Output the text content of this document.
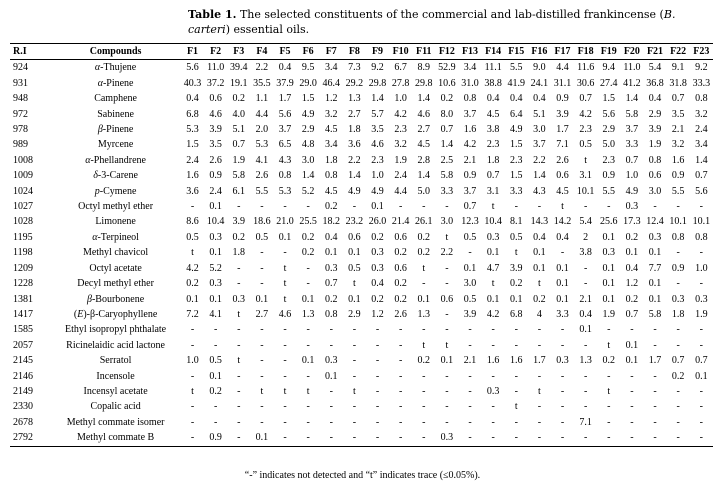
Table 1. The selected constituents of the commercial and lab-distilled frankincense (B. carteri) essential oils.
R.I	Compounds	F1	F2	F3	F4	F5	F6	F7	F8	F9	F10	F11	F12	F13	F14	F15	F16	F17	F18	F19	F20	F21	F22	F23
924	α-Thujene	5.6	11.0	39.4	2.2	0.4	9.5	3.4	7.3	9.2	6.7	8.9	52.9	3.4	11.1	5.5	9.0	4.4	11.6	9.4	11.0	5.4	9.1	9.2
931	α-Pinene	40.3	37.2	19.1	35.5	37.9	29.0	46.4	29.2	29.8	27.8	29.8	10.6	31.0	38.8	41.9	24.1	31.1	30.6	27.4	41.2	36.8	31.8	33.3
948	Camphene	0.4	0.6	0.2	1.1	1.7	1.5	1.2	1.3	1.4	1.0	1.4	0.2	0.8	0.4	0.4	0.4	0.9	0.7	1.5	1.4	0.4	0.7	0.8
972	Sabinene	6.8	4.6	4.0	4.4	5.6	4.9	3.2	2.7	5.7	4.2	4.6	8.0	3.7	4.5	6.4	5.1	3.9	4.2	5.6	5.8	2.9	3.5	3.2
978	β-Pinene	5.3	3.9	5.1	2.0	3.7	2.9	4.5	1.8	3.5	2.3	2.7	0.7	1.6	3.8	4.9	3.0	1.7	2.3	2.9	3.7	3.9	2.1	2.4
989	Myrcene	1.5	3.5	0.7	5.3	6.5	4.8	3.4	3.6	4.6	3.2	4.5	1.4	4.2	2.3	1.5	3.7	7.1	0.5	5.0	3.3	1.9	3.2	3.4
1008	α-Phellandrene	2.4	2.6	1.9	4.1	4.3	3.0	1.8	2.2	2.3	1.9	2.8	2.5	2.1	1.8	2.3	2.2	2.6	t	2.3	0.7	0.8	1.6	1.4
1009	δ-3-Carene	1.6	0.9	5.8	2.6	0.8	1.4	0.8	1.4	1.0	2.4	1.4	5.8	0.9	0.7	1.5	1.4	0.6	3.1	0.9	1.0	0.6	0.9	0.7
1024	p-Cymene	3.6	2.4	6.1	5.5	5.3	5.2	4.5	4.9	4.9	4.4	5.0	3.3	3.7	3.1	3.3	4.3	4.5	10.1	5.5	4.9	3.0	5.5	5.6
1027	Octyl methyl ether	-	0.1	-	-	-	-	0.2	-	0.1	-	-	-	0.7	t	-	-	t	-	-	0.3	-	-	-
1028	Limonene	8.6	10.4	3.9	18.6	21.0	25.5	18.2	23.2	26.0	21.4	26.1	3.0	12.3	10.4	8.1	14.3	14.2	5.4	25.6	17.3	12.4	10.1	10.1
1195	α-Terpineol	0.5	0.3	0.2	0.5	0.1	0.2	0.4	0.6	0.2	0.6	0.2	t	0.5	0.3	0.5	0.4	0.4	2	0.1	0.2	0.3	0.8	0.8
1198	Methyl chavicol	t	0.1	1.8	-	-	0.2	0.1	0.1	0.3	0.2	0.2	2.2	-	0.1	t	0.1	-	3.8	0.3	0.1	0.1	-	-
1209	Octyl acetate	4.2	5.2	-	-	t	-	0.3	0.5	0.3	0.6	t	-	0.1	4.7	3.9	0.1	0.1	-	0.1	0.4	7.7	0.9	1.0
1228	Decyl methyl ether	0.2	0.3	-	-	t	-	0.7	t	0.4	0.2	-	-	3.0	t	0.2	t	0.1	-	0.1	1.2	0.1	-	-
1381	β-Bourbonene	0.1	0.1	0.3	0.1	t	0.1	0.2	0.1	0.2	0.2	0.1	0.6	0.5	0.1	0.1	0.2	0.1	2.1	0.1	0.2	0.1	0.3	0.3
1417	(E)-β-Caryophyllene	7.2	4.1	t	2.7	4.6	1.3	0.8	2.9	1.2	2.6	1.3	-	3.9	4.2	6.8	4	3.3	0.4	1.9	0.7	5.8	1.8	1.9
1585	Ethyl isopropyl phthalate	-	-	-	-	-	-	-	-	-	-	-	-	-	-	-	-	-	0.1	-	-	-	-	-
2057	Ricinelaidic acid lactone	-	-	-	-	-	-	-	-	-	-	t	t	-	-	-	-	-	-	t	0.1	-	-	-
2145	Serratol	1.0	0.5	t	-	-	0.1	0.3	-	-	-	0.2	0.1	2.1	1.6	1.6	1.7	0.3	1.3	0.2	0.1	1.7	0.7	0.7
2146	Incensole	-	0.1	-	-	-	-	0.1	-	-	-	-	-	-	-	-	-	-	-	-	-	-	0.2	0.1
2149	Incensyl acetate	t	0.2	-	t	t	t	-	t	-	-	-	-	-	0.3	-	t	-	-	t	-	-	-	-
2330	Copalic acid	-	-	-	-	-	-	-	-	-	-	-	-	-	-	t	-	-	-	-	-	-	-	-
2678	Methyl commate isomer	-	-	-	-	-	-	-	-	-	-	-	-	-	-	-	-	-	7.1	-	-	-	-	-
2792	Methyl commate B	-	0.9	-	0.1	-	-	-	-	-	-	-	0.3	-	-	-	-	-	-	-	-	-	-	-
“-” indicates not detected and “t” indicates trace (≤0.05%).
